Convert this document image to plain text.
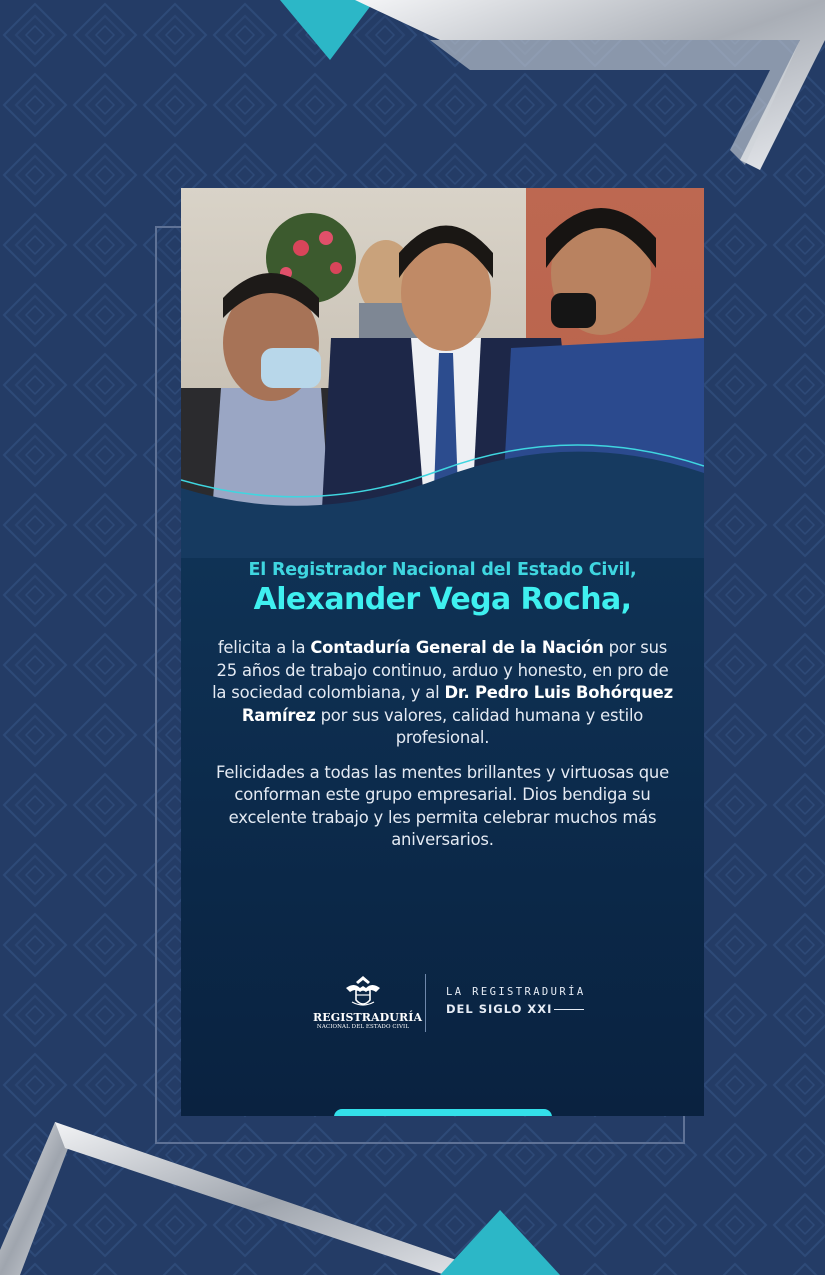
El Registrador Nacional del Estado Civil,

Alexander Vega Rocha,

felicita a la Contaduría General de la Nación por sus 25 años de trabajo continuo, arduo y honesto, en pro de la sociedad colombiana, y al Dr. Pedro Luis Bohórquez Ramírez por sus valores, calidad humana y estilo profesional.

Felicidades a todas las mentes brillantes y virtuosas que conforman este grupo empresarial. Dios bendiga su excelente trabajo y les permita celebrar muchos más aniversarios.

REGISTRADURÍA
NACIONAL DEL ESTADO CIVIL
LA REGISTRADURÍA
DEL SIGLO XXI
